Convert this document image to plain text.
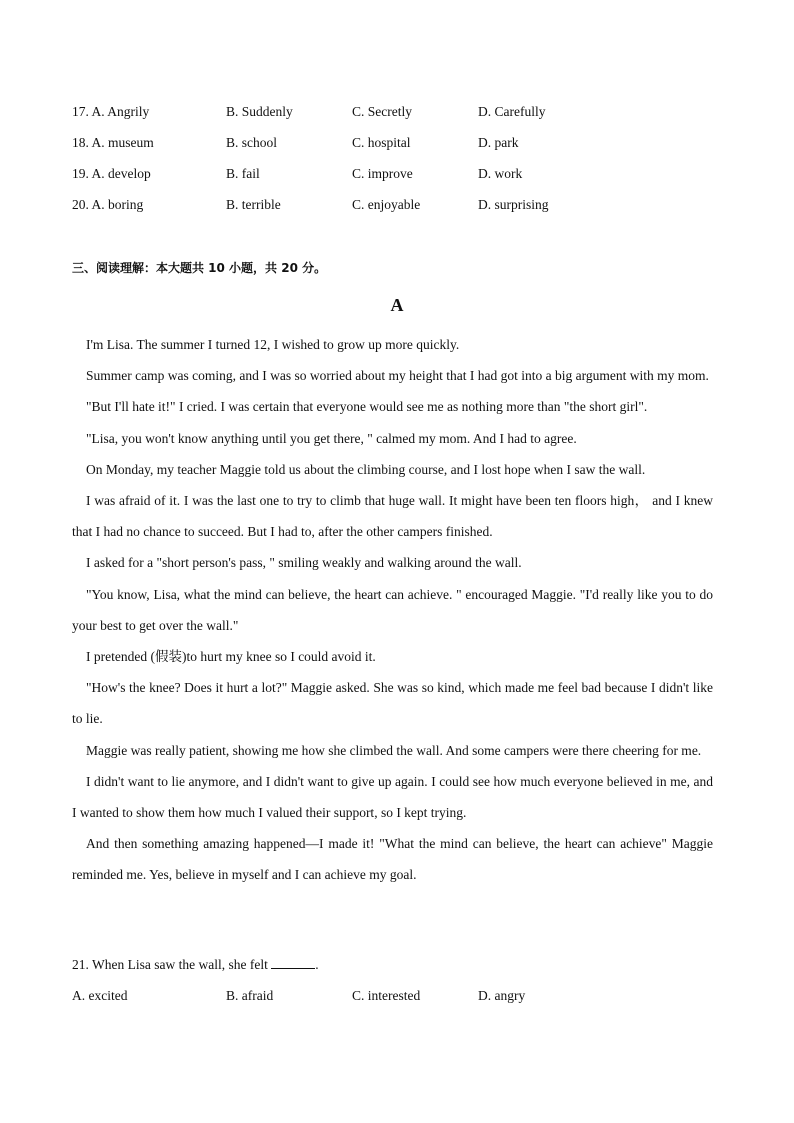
17. A. Angrily	B. Suddenly	C. Secretly	D. Carefully
18. A. museum	B. school	C. hospital	D. park
19. A. develop	B. fail	C. improve	D. work
20. A. boring	B. terrible	C. enjoyable	D. surprising
三、阅读理解：本大题共 10 小题，共 20 分。
A

I'm Lisa. The summer I turned 12, I wished to grow up more quickly.

Summer camp was coming, and I was so worried about my height that I had got into a big argument with my mom.

"But I'll hate it!" I cried. I was certain that everyone would see me as nothing more than "the short girl".

"Lisa, you won't know anything until you get there, " calmed my mom. And I had to agree.

On Monday, my teacher Maggie told us about the climbing course, and I lost hope when I saw the wall.

I was afraid of it. I was the last one to try to climb that huge wall. It might have been ten floors high， and I knew that I had no chance to succeed. But I had to, after the other campers finished.

I asked for a "short person's pass, " smiling weakly and walking around the wall.

"You know, Lisa, what the mind can believe, the heart can achieve. " encouraged Maggie. "I'd really like you to do your best to get over the wall."

I pretended (假装)to hurt my knee so I could avoid it.

"How's the knee? Does it hurt a lot?" Maggie asked. She was so kind, which made me feel bad because I didn't like to lie.

Maggie was really patient, showing me how she climbed the wall. And some campers were there cheering for me.

I didn't want to lie anymore, and I didn't want to give up again. I could see how much everyone believed in me, and I wanted to show them how much I valued their support, so I kept trying.

And then something amazing happened—I made it! "What the mind can believe, the heart can achieve" Maggie reminded me. Yes, believe in myself and I can achieve my goal.

21. When Lisa saw the wall, she felt	.
A. excited	B. afraid	C. interested	D. angry
